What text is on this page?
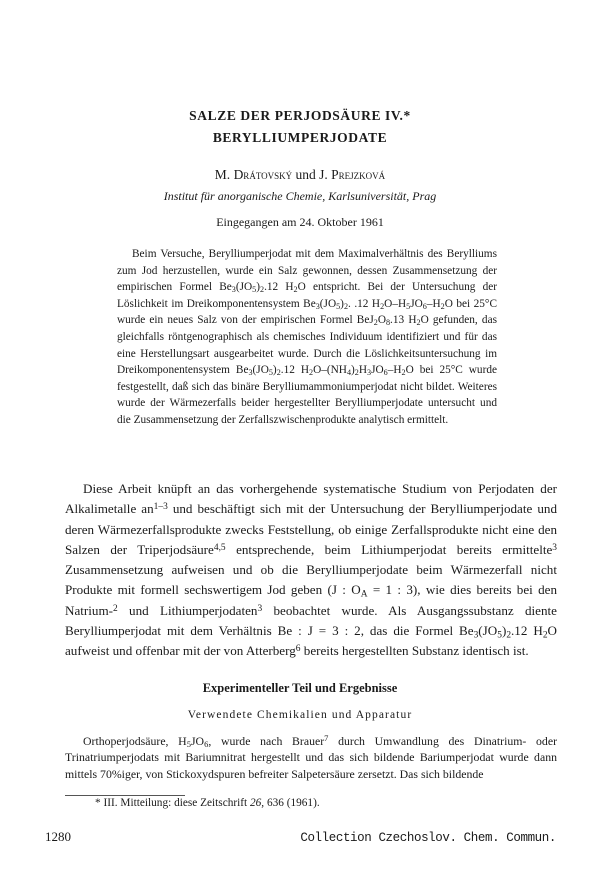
SALZE DER PERJODSÄURE IV.*
BERYLLIUMPERJODATE
M. Drátovský und J. Prejzková
Institut für anorganische Chemie, Karlsuniversität, Prag
Eingegangen am 24. Oktober 1961

Beim Versuche, Berylliumperjodat mit dem Maximalverhältnis des Berylliums zum Jod herzustellen, wurde ein Salz gewonnen, dessen Zusammensetzung der empirischen Formel $Be_3(JO_5)_2.12$ $H_2O$ entspricht. Bei der Untersuchung der Löslichkeit im Dreikomponentensystem $Be_3(JO_5)_2$. .12 $H_2O-H_5JO_6-H_2O$ bei 25°C wurde ein neues Salz von der empirischen Formel $BeJ_2O_8.13$ $H_2O$ gefunden, das gleichfalls röntgenographisch als chemisches Individuum identifiziert und für das eine Herstellungsart ausgearbeitet wurde. Durch die Löslichkeitsuntersuchung im Dreikomponentensystem $Be_3(JO_5)_2.12$ $H_2O-(NH_4)_2H_3JO_6-H_2O$ bei 25°C wurde festgestellt, daß sich das binäre Berylliumammoniumperjodat nicht bildet. Weiteres wurde der Wärmezerfalls beider hergestellter Berylliumperjodate untersucht und die Zusammensetzung der Zerfallszwischenprodukte analytisch ermittelt.

Diese Arbeit knüpft an das vorhergehende systematische Studium von Perjodaten der Alkalimetalle $an^{1-3}$ und beschäftigt sich mit der Untersuchung der Berylliumperjodate und deren Wärmezerfallsprodukte zwecks Feststellung, ob einige Zerfallsprodukte nicht eine den Salzen der Triperjodsäure$^{4,5}$ entsprechende, beim Lithiumperjodat bereits ermittelte$^3$ Zusammensetzung aufweisen und ob die Berylliumperjodate beim Wärmezerfall nicht Produkte mit formell sechswertigem Jod geben (J : $O_A = 1$ : 3), wie dies bereits bei den Natrium-$^2$ und Lithiumperjodaten$^3$ beobachtet wurde. Als Ausgangssubstanz diente Berylliumperjodat mit dem Verhältnis Be : J = 3 : 2, das die Formel $Be_3(JO_5)_2.12$ $H_2O$ aufweist und offenbar mit der von Atterberg$^6$ bereits hergestellten Substanz identisch ist.

Experimenteller Teil und Ergebnisse
Verwendete Chemikalien und Apparatur

Orthoperjodsäure, $H_5JO_6$, wurde nach Brauer$^7$ durch Umwandlung des Dinatrium- oder Trinatriumperjodats mit Bariumnitrat hergestellt und das sich bildende Bariumperjodat wurde dann mittels 70%iger, von Stickoxydspuren befreiter Salpetersäure zersetzt. Das sich bildende

* III. Mitteilung: diese Zeitschrift 26, 636 (1961).
1280	Collection Czechoslov. Chem. Commun.
